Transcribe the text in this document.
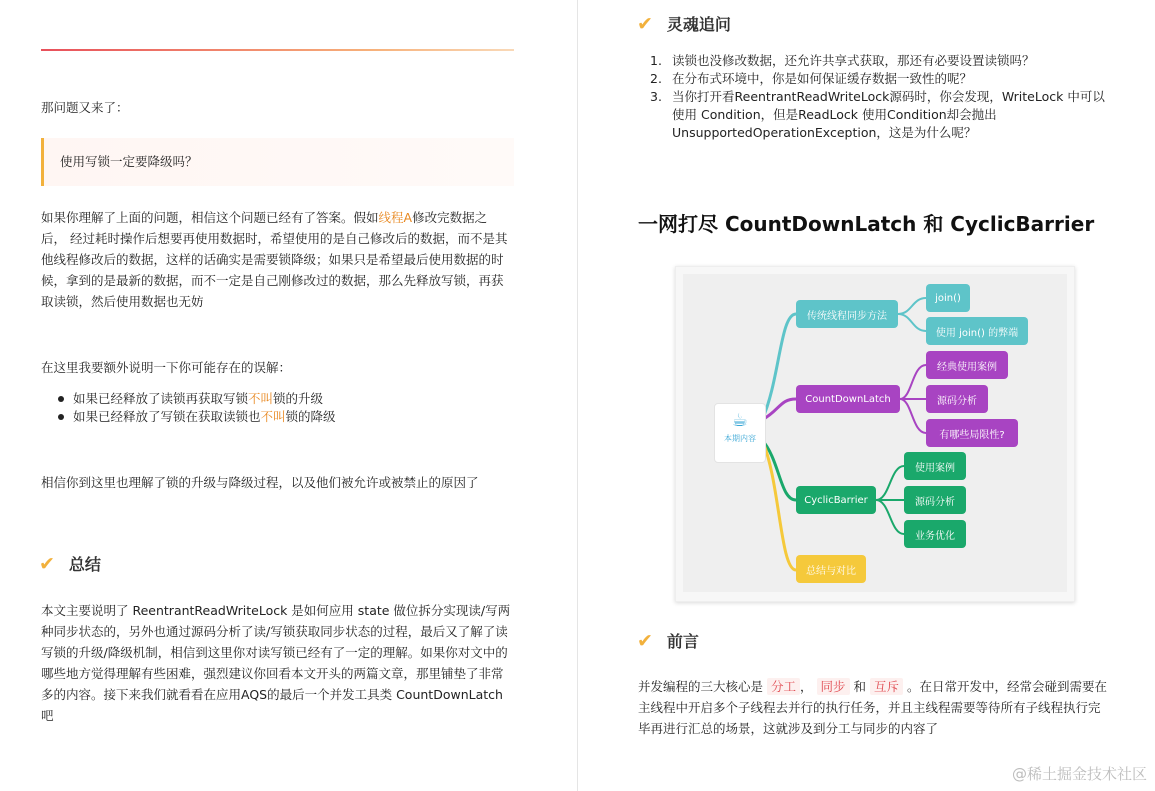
那问题又来了：
使用写锁一定要降级吗？
如果你理解了上面的问题，相信这个问题已经有了答案。假如线程A修改完数据之后， 经过耗时操作后想要再使用数据时，希望使用的是自己修改后的数据，而不是其他线程修改后的数据，这样的话确实是需要锁降级；如果只是希望最后使用数据的时候，拿到的是最新的数据，而不一定是自己刚修改过的数据，那么先释放写锁，再获取读锁，然后使用数据也无妨
在这里我要额外说明一下你可能存在的误解：
如果已经释放了读锁再获取写锁不叫锁的升级
如果已经释放了写锁在获取读锁也不叫锁的降级
相信你到这里也理解了锁的升级与降级过程，以及他们被允许或被禁止的原因了
✔ 总结
本文主要说明了 ReentrantReadWriteLock 是如何应用 state 做位拆分实现读/写两种同步状态的，另外也通过源码分析了读/写锁获取同步状态的过程，最后又了解了读写锁的升级/降级机制，相信到这里你对读写锁已经有了一定的理解。如果你对文中的哪些地方觉得理解有些困难，强烈建议你回看本文开头的两篇文章，那里铺垫了非常多的内容。接下来我们就看看在应用AQS的最后一个并发工具类 CountDownLatch 吧
✔ 灵魂追问
1. 读锁也没修改数据，还允许共享式获取，那还有必要设置读锁吗？
2. 在分布式环境中，你是如何保证缓存数据一致性的呢？
3. 当你打开看ReentrantReadWriteLock源码时，你会发现，WriteLock 中可以使用 Condition，但是ReadLock 使用Condition却会抛出UnsupportedOperationException，这是为什么呢？
一网打尽 CountDownLatch 和 CyclicBarrier
☕
本期内容
传统线程同步方法
join()
使用 join() 的弊端
CountDownLatch
经典使用案例
源码分析
有哪些局限性?
CyclicBarrier
使用案例
源码分析
业务优化
总结与对比
✔ 前言
并发编程的三大核心是 分工 ， 同步 和 互斥 。在日常开发中，经常会碰到需要在主线程中开启多个子线程去并行的执行任务，并且主线程需要等待所有子线程执行完毕再进行汇总的场景，这就涉及到分工与同步的内容了
@稀土掘金技术社区
